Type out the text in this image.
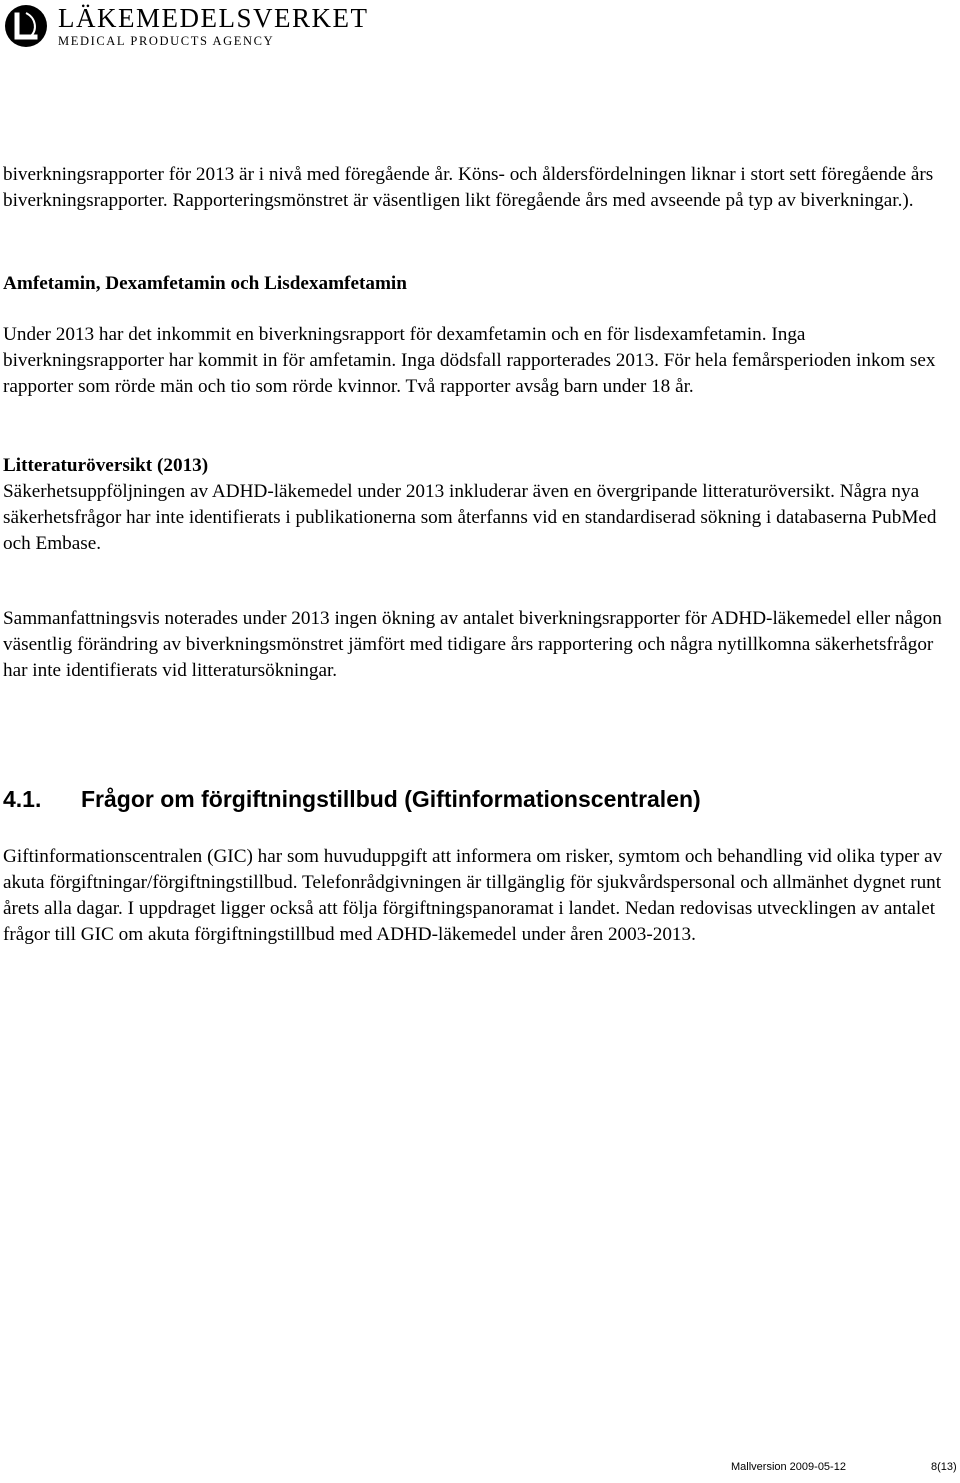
LÄKEMEDELSVERKET
MEDICAL PRODUCTS AGENCY

biverkningsrapporter för 2013 är i nivå med föregående år. Köns- och åldersfördelningen liknar i stort sett föregående års biverkningsrapporter. Rapporteringsmönstret är väsentligen likt föregående års med avseende på typ av biverkningar.).

Amfetamin, Dexamfetamin och Lisdexamfetamin

Under 2013 har det inkommit en biverkningsrapport för dexamfetamin och en för lisdexamfetamin. Inga biverkningsrapporter har kommit in för amfetamin. Inga dödsfall rapporterades 2013. För hela femårsperioden inkom sex rapporter som rörde män och tio som rörde kvinnor. Två rapporter avsåg barn under 18 år.

Litteraturöversikt (2013)

Säkerhetsuppföljningen av ADHD-läkemedel under 2013 inkluderar även en övergripande litteraturöversikt. Några nya säkerhetsfrågor har inte identifierats i publikationerna som återfanns vid en standardiserad sökning i databaserna PubMed och Embase.

Sammanfattningsvis noterades under 2013 ingen ökning av antalet biverkningsrapporter för ADHD-läkemedel eller någon väsentlig förändring av biverkningsmönstret jämfört med tidigare års rapportering och några nytillkomna säkerhetsfrågor har inte identifierats vid litteratursökningar.

4.1.	Frågor om förgiftningstillbud (Giftinformationscentralen)

Giftinformationscentralen (GIC) har som huvuduppgift att informera om risker, symtom och behandling vid olika typer av akuta förgiftningar/förgiftningstillbud. Telefonrådgivningen är tillgänglig för sjukvårdspersonal och allmänhet dygnet runt årets alla dagar. I uppdraget ligger också att följa förgiftningspanoramat i landet. Nedan redovisas utvecklingen av antalet frågor till GIC om akuta förgiftningstillbud med ADHD-läkemedel under åren 2003-2013.

Mallversion 2009-05-12	8(13)
